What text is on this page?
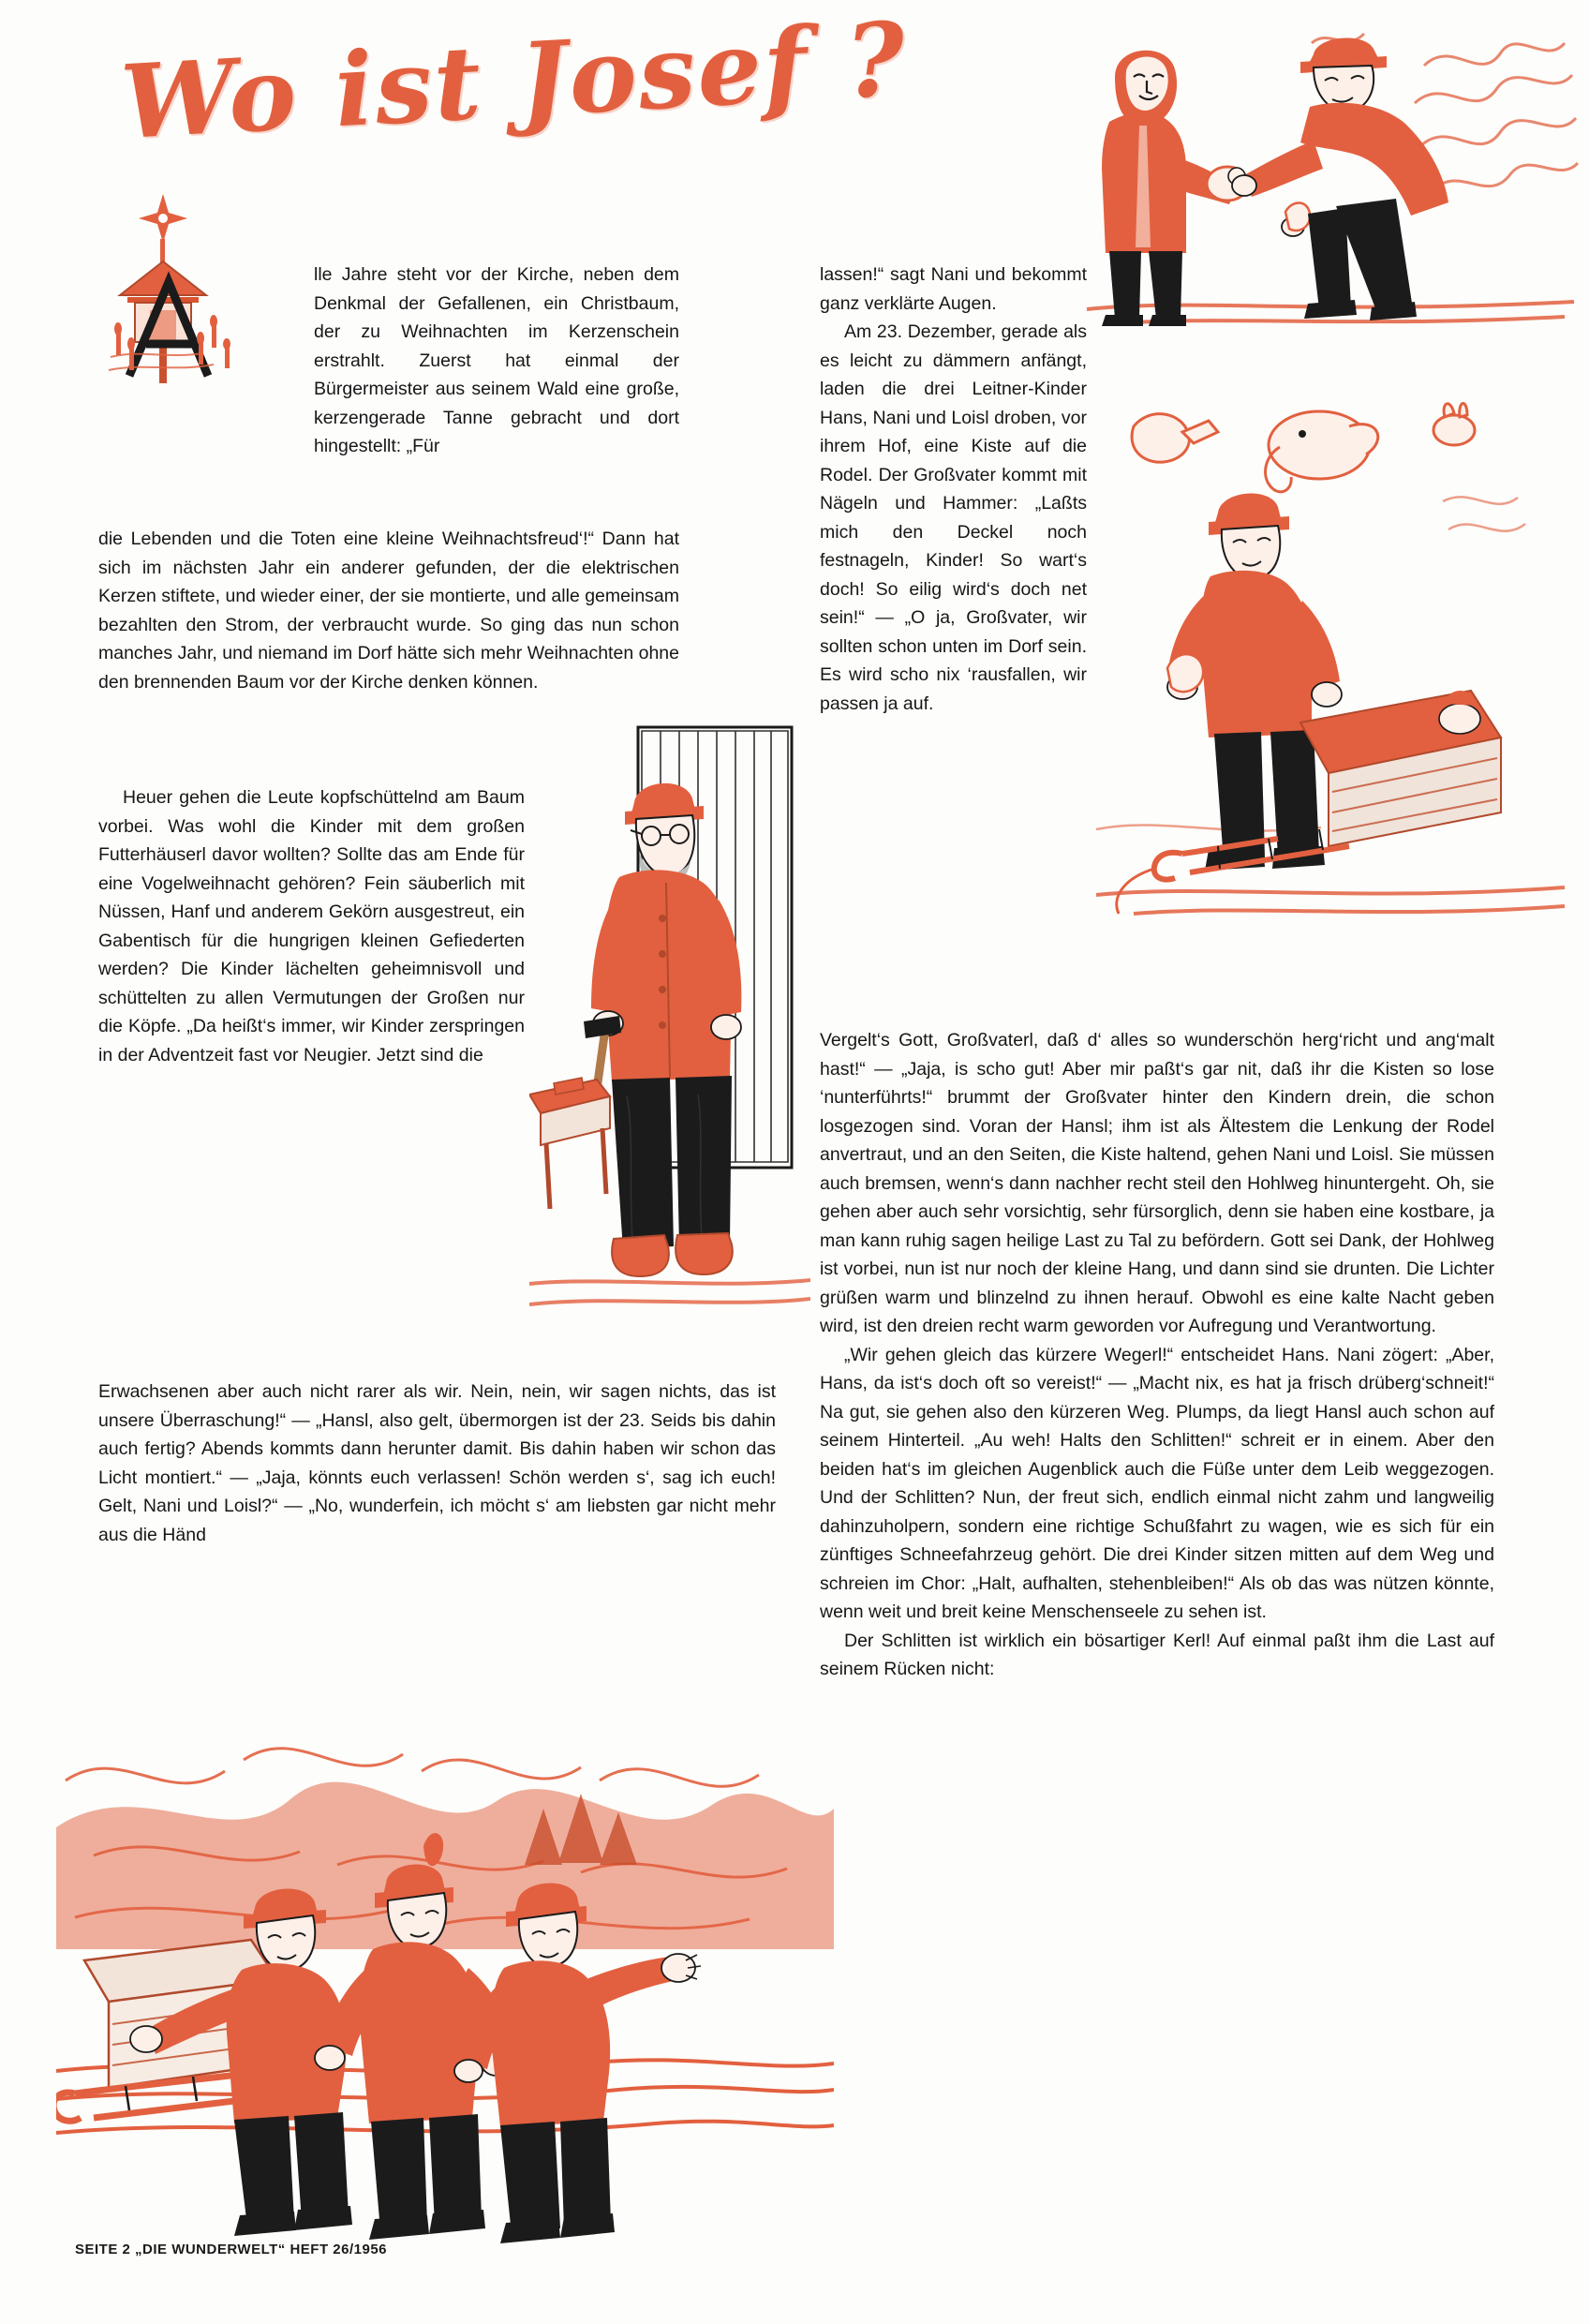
Wo ist Josef ?

lle Jahre steht vor der Kirche, neben dem Denkmal der Gefallenen, ein Christbaum, der zu Weihnachten im Kerzenschein erstrahlt. Zuerst hat einmal der Bürgermeister aus seinem Wald eine große, kerzengerade Tanne gebracht und dort hingestellt: „Für

die Lebenden und die Toten eine kleine Weihnachtsfreud‘!“ Dann hat sich im nächsten Jahr ein anderer gefunden, der die elektrischen Kerzen stiftete, und wieder einer, der sie montierte, und alle gemeinsam bezahlten den Strom, der verbraucht wurde. So ging das nun schon manches Jahr, und niemand im Dorf hätte sich mehr Weihnachten ohne den brennenden Baum vor der Kirche denken können.

Heuer gehen die Leute kopfschüttelnd am Baum vorbei. Was wohl die Kinder mit dem großen Futterhäuserl davor wollten? Sollte das am Ende für eine Vogelweihnacht gehören? Fein säuberlich mit Nüssen, Hanf und anderem Gekörn ausgestreut, ein Gabentisch für die hungrigen kleinen Gefiederten werden? Die Kinder lächelten geheimnisvoll und schüttelten zu allen Vermutungen der Großen nur die Köpfe. „Da heißt‘s immer, wir Kinder zerspringen in der Adventzeit fast vor Neugier. Jetzt sind die

Erwachsenen aber auch nicht rarer als wir. Nein, nein, wir sagen nichts, das ist unsere Überraschung!“ — „Hansl, also gelt, übermorgen ist der 23. Seids bis dahin auch fertig? Abends kommts dann herunter damit. Bis dahin haben wir schon das Licht montiert.“ — „Jaja, könnts euch verlassen! Schön werden s‘, sag ich euch! Gelt, Nani und Loisl?“ — „No, wunderfein, ich möcht s‘ am liebsten gar nicht mehr aus die Händ

lassen!“ sagt Nani und bekommt ganz verklärte Augen.

Am 23. Dezember, gerade als es leicht zu dämmern anfängt, laden die drei Leitner-Kinder Hans, Nani und Loisl droben, vor ihrem Hof, eine Kiste auf die Rodel. Der Großvater kommt mit Nägeln und Hammer: „Laßts mich den Deckel noch festnageln, Kinder! So wart‘s doch! So eilig wird‘s doch net sein!“ — „O ja, Großvater, wir sollten schon unten im Dorf sein. Es wird scho nix ‘rausfallen, wir passen ja auf.

Vergelt‘s Gott, Großvaterl, daß d‘ alles so wunderschön herg‘richt und ang‘malt hast!“ — „Jaja, is scho gut! Aber mir paßt‘s gar nit, daß ihr die Kisten so lose ‘nunterführts!“ brummt der Großvater hinter den Kindern drein, die schon losgezogen sind. Voran der Hansl; ihm ist als Ältestem die Lenkung der Rodel anvertraut, und an den Seiten, die Kiste haltend, gehen Nani und Loisl. Sie müssen auch bremsen, wenn‘s dann nachher recht steil den Hohlweg hinuntergeht. Oh, sie gehen aber auch sehr vorsichtig, sehr fürsorglich, denn sie haben eine kostbare, ja man kann ruhig sagen heilige Last zu Tal zu befördern. Gott sei Dank, der Hohlweg ist vorbei, nun ist nur noch der kleine Hang, und dann sind sie drunten. Die Lichter grüßen warm und blinzelnd zu ihnen herauf. Obwohl es eine kalte Nacht geben wird, ist den dreien recht warm geworden vor Aufregung und Verantwortung.

„Wir gehen gleich das kürzere Wegerl!“ entscheidet Hans. Nani zögert: „Aber, Hans, da ist‘s doch oft so vereist!“ — „Macht nix, es hat ja frisch drüberg‘schneit!“ Na gut, sie gehen also den kürzeren Weg. Plumps, da liegt Hansl auch schon auf seinem Hinterteil. „Au weh! Halts den Schlitten!“ schreit er in einem. Aber den beiden hat‘s im gleichen Augenblick auch die Füße unter dem Leib weggezogen. Und der Schlitten? Nun, der freut sich, endlich einmal nicht zahm und langweilig dahinzuholpern, sondern eine richtige Schußfahrt zu wagen, wie es sich für ein zünftiges Schneefahrzeug gehört. Die drei Kinder sitzen mitten auf dem Weg und schreien im Chor: „Halt, aufhalten, stehenbleiben!“ Als ob das was nützen könnte, wenn weit und breit keine Menschenseele zu sehen ist.

Der Schlitten ist wirklich ein bösartiger Kerl! Auf einmal paßt ihm die Last auf seinem Rücken nicht:

SEITE 2 „DIE WUNDERWELT“ HEFT 26/1956
